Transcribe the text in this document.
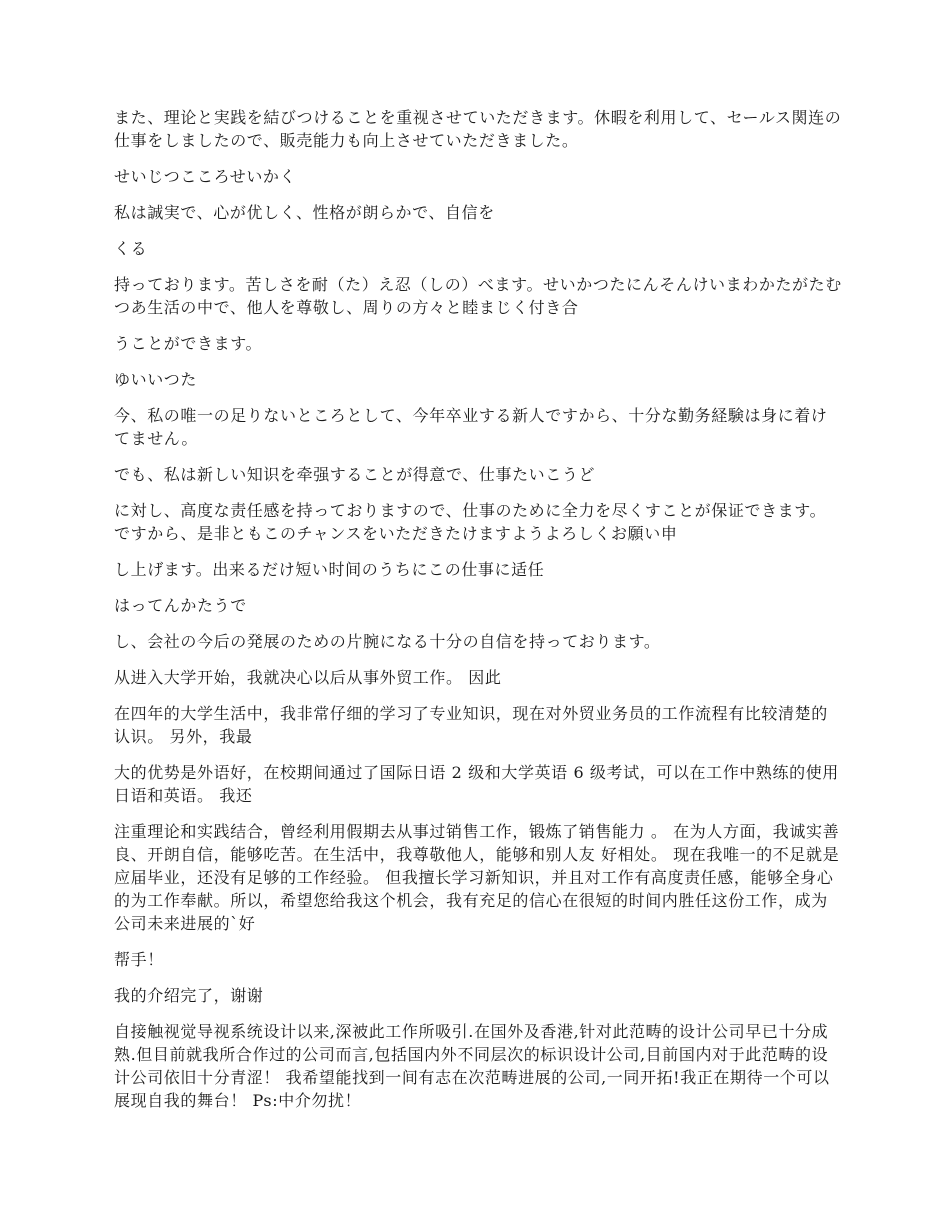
また、理论と実践を結びつけることを重视させていただきます。休暇を利用して、セールス関连の仕事をしましたので、販売能力も向上させていただきました。

せいじつこころせいかく

私は誠実で、心が优しく、性格が朗らかで、自信を

くる

持っております。苦しさを耐（た）え忍（しの）べます。せいかつたにんそんけいまわかたがたむつあ生活の中で、他人を尊敬し、周りの方々と睦まじく付き合

うことができます。

ゆいいつた

今、私の唯一の足りないところとして、今年卒业する新人ですから、十分な勤务経験は身に着けてません。

でも、私は新しい知识を牵强することが得意で、仕事たいこうど

に対し、高度な责任感を持っておりますので、仕事のために全力を尽くすことが保证できます。ですから、是非ともこのチャンスをいただきたけますようよろしくお願い申

し上げます。出来るだけ短い时间のうちにこの仕事に适任

はってんかたうで

し、会社の今后の発展のための片腕になる十分の自信を持っております。

从进入大学开始，我就决心以后从事外贸工作。 因此

在四年的大学生活中，我非常仔细的学习了专业知识，现在对外贸业务员的工作流程有比较清楚的认识。 另外，我最

大的优势是外语好，在校期间通过了国际日语 2 级和大学英语 6 级考试，可以在工作中熟练的使用日语和英语。 我还

注重理论和实践结合，曾经利用假期去从事过销售工作，锻炼了销售能力 。 在为人方面，我诚实善良、开朗自信，能够吃苦。在生活中，我尊敬他人，能够和别人友 好相处。 现在我唯一的不足就是应届毕业，还没有足够的工作经验。 但我擅长学习新知识，并且对工作有高度责任感，能够全身心的为工作奉献。所以，希望您给我这个机会，我有充足的信心在很短的时间内胜任这份工作，成为公司未来进展的`好

帮手！

我的介绍完了，谢谢

自接触视觉导视系统设计以来,深被此工作所吸引.在国外及香港,针对此范畴的设计公司早已十分成熟.但目前就我所合作过的公司而言,包括国内外不同层次的标识设计公司,目前国内对于此范畴的设计公司依旧十分青涩！ 我希望能找到一间有志在次范畴进展的公司,一同开拓!我正在期待一个可以展现自我的舞台！ Ps:中介勿扰！
